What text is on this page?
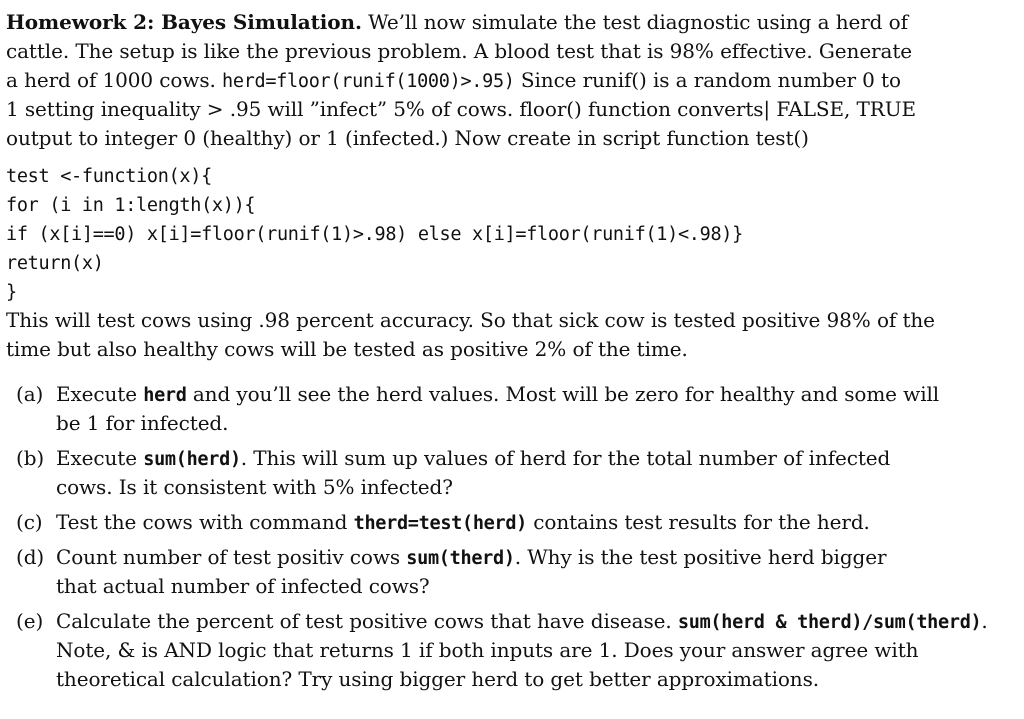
Homework 2: Bayes Simulation. We’ll now simulate the test diagnostic using a herd of
cattle. The setup is like the previous problem. A blood test that is 98% effective. Generate
a herd of 1000 cows. herd=floor(runif(1000)>.95) Since runif() is a random number 0 to
1 setting inequality > .95 will ”infect” 5% of cows. floor() function converts| FALSE, TRUE
output to integer 0 (healthy) or 1 (infected.) Now create in script function test()
test <-function(x){
for (i in 1:length(x)){
if (x[i]==0) x[i]=floor(runif(1)>.98) else x[i]=floor(runif(1)<.98)}
return(x)
}
This will test cows using .98 percent accuracy. So that sick cow is tested positive 98% of the
time but also healthy cows will be tested as positive 2% of the time.
(a) Execute herd and you’ll see the herd values. Most will be zero for healthy and some will
be 1 for infected.
(b) Execute sum(herd). This will sum up values of herd for the total number of infected
cows. Is it consistent with 5% infected?
(c) Test the cows with command therd=test(herd) contains test results for the herd.
(d) Count number of test positiv cows sum(therd). Why is the test positive herd bigger
that actual number of infected cows?
(e) Calculate the percent of test positive cows that have disease. sum(herd & therd)/sum(therd).
Note, & is AND logic that returns 1 if both inputs are 1. Does your answer agree with
theoretical calculation? Try using bigger herd to get better approximations.
